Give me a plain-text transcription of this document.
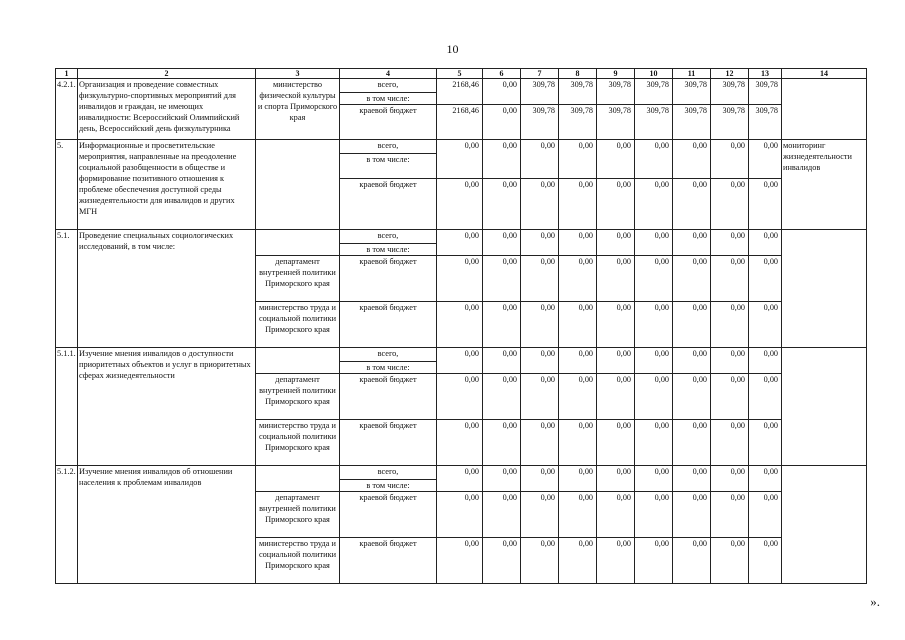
10
1	2	3	4	5	6	7	8	9	10	11	12	13	14
4.2.1.	Организация и проведение совместных физкультурно-спортивных мероприятий для инвалидов и граждан, не имеющих инвалидности: Всероссийский Олимпийский день, Всероссийский день физкультурника	министерство физической культуры и спорта Приморского края	всего,	2168,46	0,00	309,78	309,78	309,78	309,78	309,78	309,78	309,78	
			в том числе:										
			краевой бюджет	2168,46	0,00	309,78	309,78	309,78	309,78	309,78	309,78	309,78	
5.	Информационные и просветительские мероприятия, направленные на преодоление социальной разобщенности в обществе и формирование позитивного отношения к проблеме обеспечения доступной среды жизнедеятельности для инвалидов и других МГН		всего,	0,00	0,00	0,00	0,00	0,00	0,00	0,00	0,00	0,00	мониторинг жизнедеятельности инвалидов
			в том числе:										
			краевой бюджет	0,00	0,00	0,00	0,00	0,00	0,00	0,00	0,00	0,00	
5.1.	Проведение специальных социологических исследований, в том числе:		всего,	0,00	0,00	0,00	0,00	0,00	0,00	0,00	0,00	0,00	
			в том числе:										
		департамент внутренней политики Приморского края	краевой бюджет	0,00	0,00	0,00	0,00	0,00	0,00	0,00	0,00	0,00	
		министерство труда и социальной политики Приморского края	краевой бюджет	0,00	0,00	0,00	0,00	0,00	0,00	0,00	0,00	0,00	
5.1.1.	Изучение мнения инвалидов о доступности приоритетных объектов и услуг в приоритетных сферах жизнедеятельности		всего,	0,00	0,00	0,00	0,00	0,00	0,00	0,00	0,00	0,00	
			в том числе:										
		департамент внутренней политики Приморского края	краевой бюджет	0,00	0,00	0,00	0,00	0,00	0,00	0,00	0,00	0,00	
		министерство труда и социальной политики Приморского края	краевой бюджет	0,00	0,00	0,00	0,00	0,00	0,00	0,00	0,00	0,00	
5.1.2.	Изучение мнения инвалидов об отношении населения к проблемам инвалидов		всего,	0,00	0,00	0,00	0,00	0,00	0,00	0,00	0,00	0,00	
			в том числе:										
		департамент внутренней политики Приморского края	краевой бюджет	0,00	0,00	0,00	0,00	0,00	0,00	0,00	0,00	0,00	
		министерство труда и социальной политики Приморского края	краевой бюджет	0,00	0,00	0,00	0,00	0,00	0,00	0,00	0,00	0,00	
».
